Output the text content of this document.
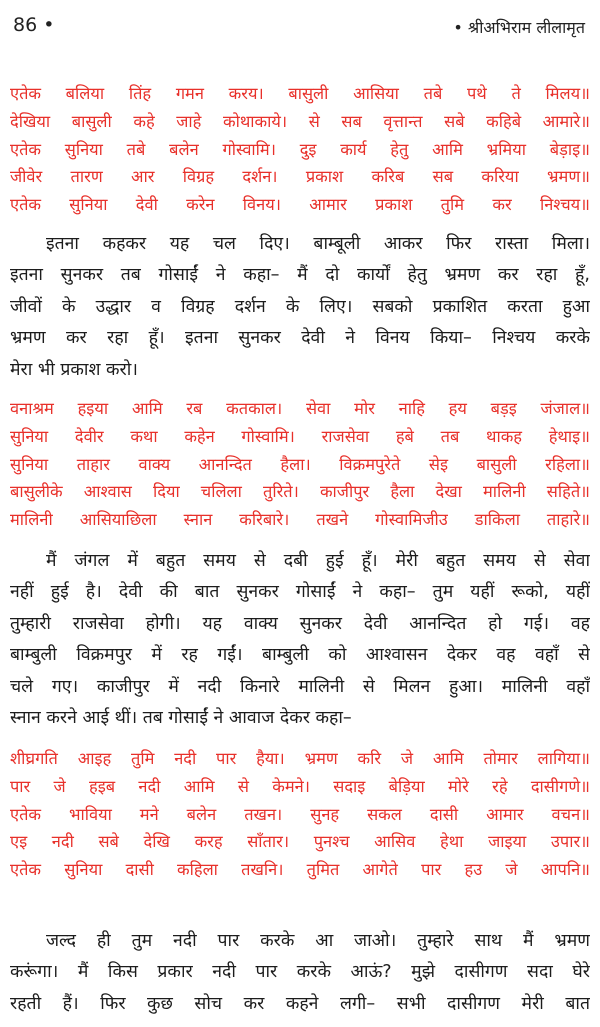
86 •	• श्रीअभिराम लीलामृत
एतेक बलिया तिंह गमन करय। बासुली आसिया तबे पथे ते मिलय॥
देखिया बासुली कहे जाहे कोथाकाये। से सब वृत्तान्त सबे कहिबे आमारे॥
एतेक सुनिया तबे बलेन गोस्वामि। दुइ कार्य हेतु आमि भ्रमिया बेड़ाइ॥
जीवेर तारण आर विग्रह दर्शन। प्रकाश करिब सब करिया भ्रमण॥
एतेक सुनिया देवी करेन विनय। आमार प्रकाश तुमि कर निश्चय॥
इतना कहकर यह चल दिए। बाम्बूली आकर फिर रास्ता मिला।
इतना सुनकर तब गोसाईं ने कहा– मैं दो कार्यों हेतु भ्रमण कर रहा हूँ,
जीवों के उद्धार व विग्रह दर्शन के लिए। सबको प्रकाशित करता हुआ
भ्रमण कर रहा हूँ। इतना सुनकर देवी ने विनय किया– निश्चय करके
मेरा भी प्रकाश करो।
वनाश्रम हइया आमि रब कतकाल। सेवा मोर नाहि हय बड़इ जंजाल॥
सुनिया देवीर कथा कहेन गोस्वामि। राजसेवा हबे तब थाकह हेथाइ॥
सुनिया ताहार वाक्य आनन्दित हैला। विक्रमपुरेते सेइ बासुली रहिला॥
बासुलीके आश्वास दिया चलिला तुरिते। काजीपुर हैला देखा मालिनी सहिते॥
मालिनी आसियाछिला स्नान करिबारे। तखने गोस्वामिजीउ डाकिला ताहारे॥
मैं जंगल में बहुत समय से दबी हुई हूँ। मेरी बहुत समय से सेवा
नहीं हुई है। देवी की बात सुनकर गोसाईं ने कहा– तुम यहीं रूको, यहीं
तुम्हारी राजसेवा होगी। यह वाक्य सुनकर देवी आनन्दित हो गई। वह
बाम्बुली विक्रमपुर में रह गईं। बाम्बुली को आश्वासन देकर वह वहाँ से
चले गए। काजीपुर में नदी किनारे मालिनी से मिलन हुआ। मालिनी वहाँ
स्नान करने आई थीं। तब गोसाईं ने आवाज देकर कहा–
शीघ्रगति आइह तुमि नदी पार हैया। भ्रमण करि जे आमि तोमार लागिया॥
पार जे हइब नदी आमि से केमने। सदाइ बेड़िया मोरे रहे दासीगणे॥
एतेक भाविया मने बलेन तखन। सुनह सकल दासी आमार वचन॥
एइ नदी सबे देखि करह साँतार। पुनश्च आसिव हेथा जाइया उपार॥
एतेक सुनिया दासी कहिला तखनि। तुमित आगेते पार हउ जे आपनि॥
जल्द ही तुम नदी पार करके आ जाओ। तुम्हारे साथ मैं भ्रमण
करूंगा। मैं किस प्रकार नदी पार करके आऊं? मुझे दासीगण सदा घेरे
रहती हैं। फिर कुछ सोच कर कहने लगी– सभी दासीगण मेरी बात
